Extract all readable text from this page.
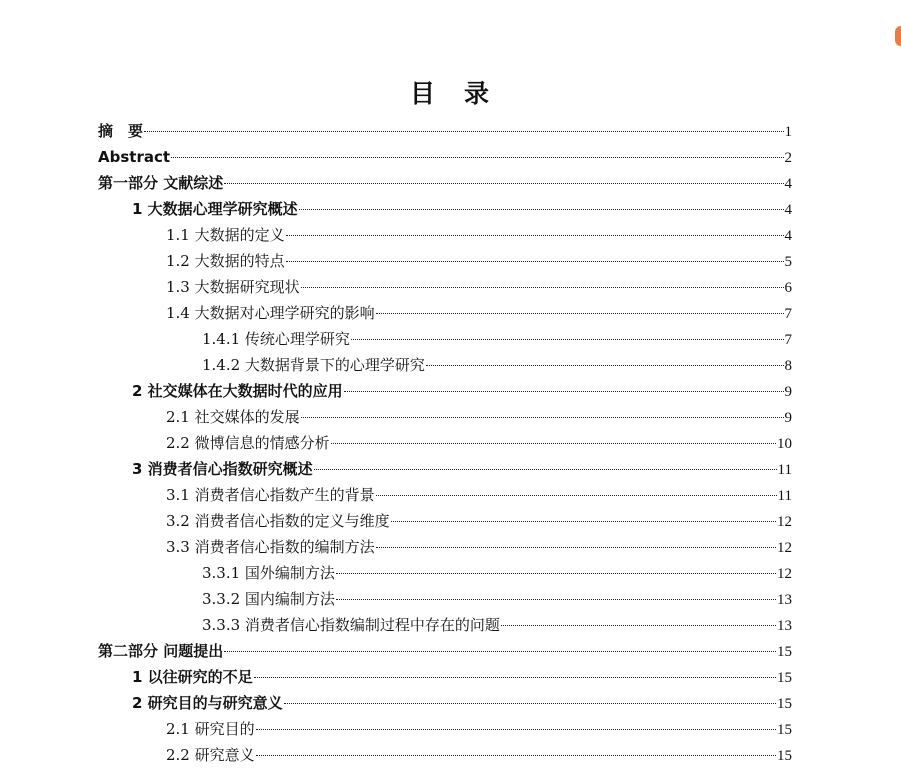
目　录
摘　要	1
Abstract	2
第一部分 文献综述	4
1 大数据心理学研究概述	4
1.1 大数据的定义	4
1.2 大数据的特点	5
1.3 大数据研究现状	6
1.4 大数据对心理学研究的影响	7
1.4.1 传统心理学研究	7
1.4.2 大数据背景下的心理学研究	8
2 社交媒体在大数据时代的应用	9
2.1 社交媒体的发展	9
2.2 微博信息的情感分析	10
3 消费者信心指数研究概述	11
3.1 消费者信心指数产生的背景	11
3.2 消费者信心指数的定义与维度	12
3.3 消费者信心指数的编制方法	12
3.3.1 国外编制方法	12
3.3.2 国内编制方法	13
3.3.3 消费者信心指数编制过程中存在的问题	13
第二部分 问题提出	15
1 以往研究的不足	15
2 研究目的与研究意义	15
2.1 研究目的	15
2.2 研究意义	15
